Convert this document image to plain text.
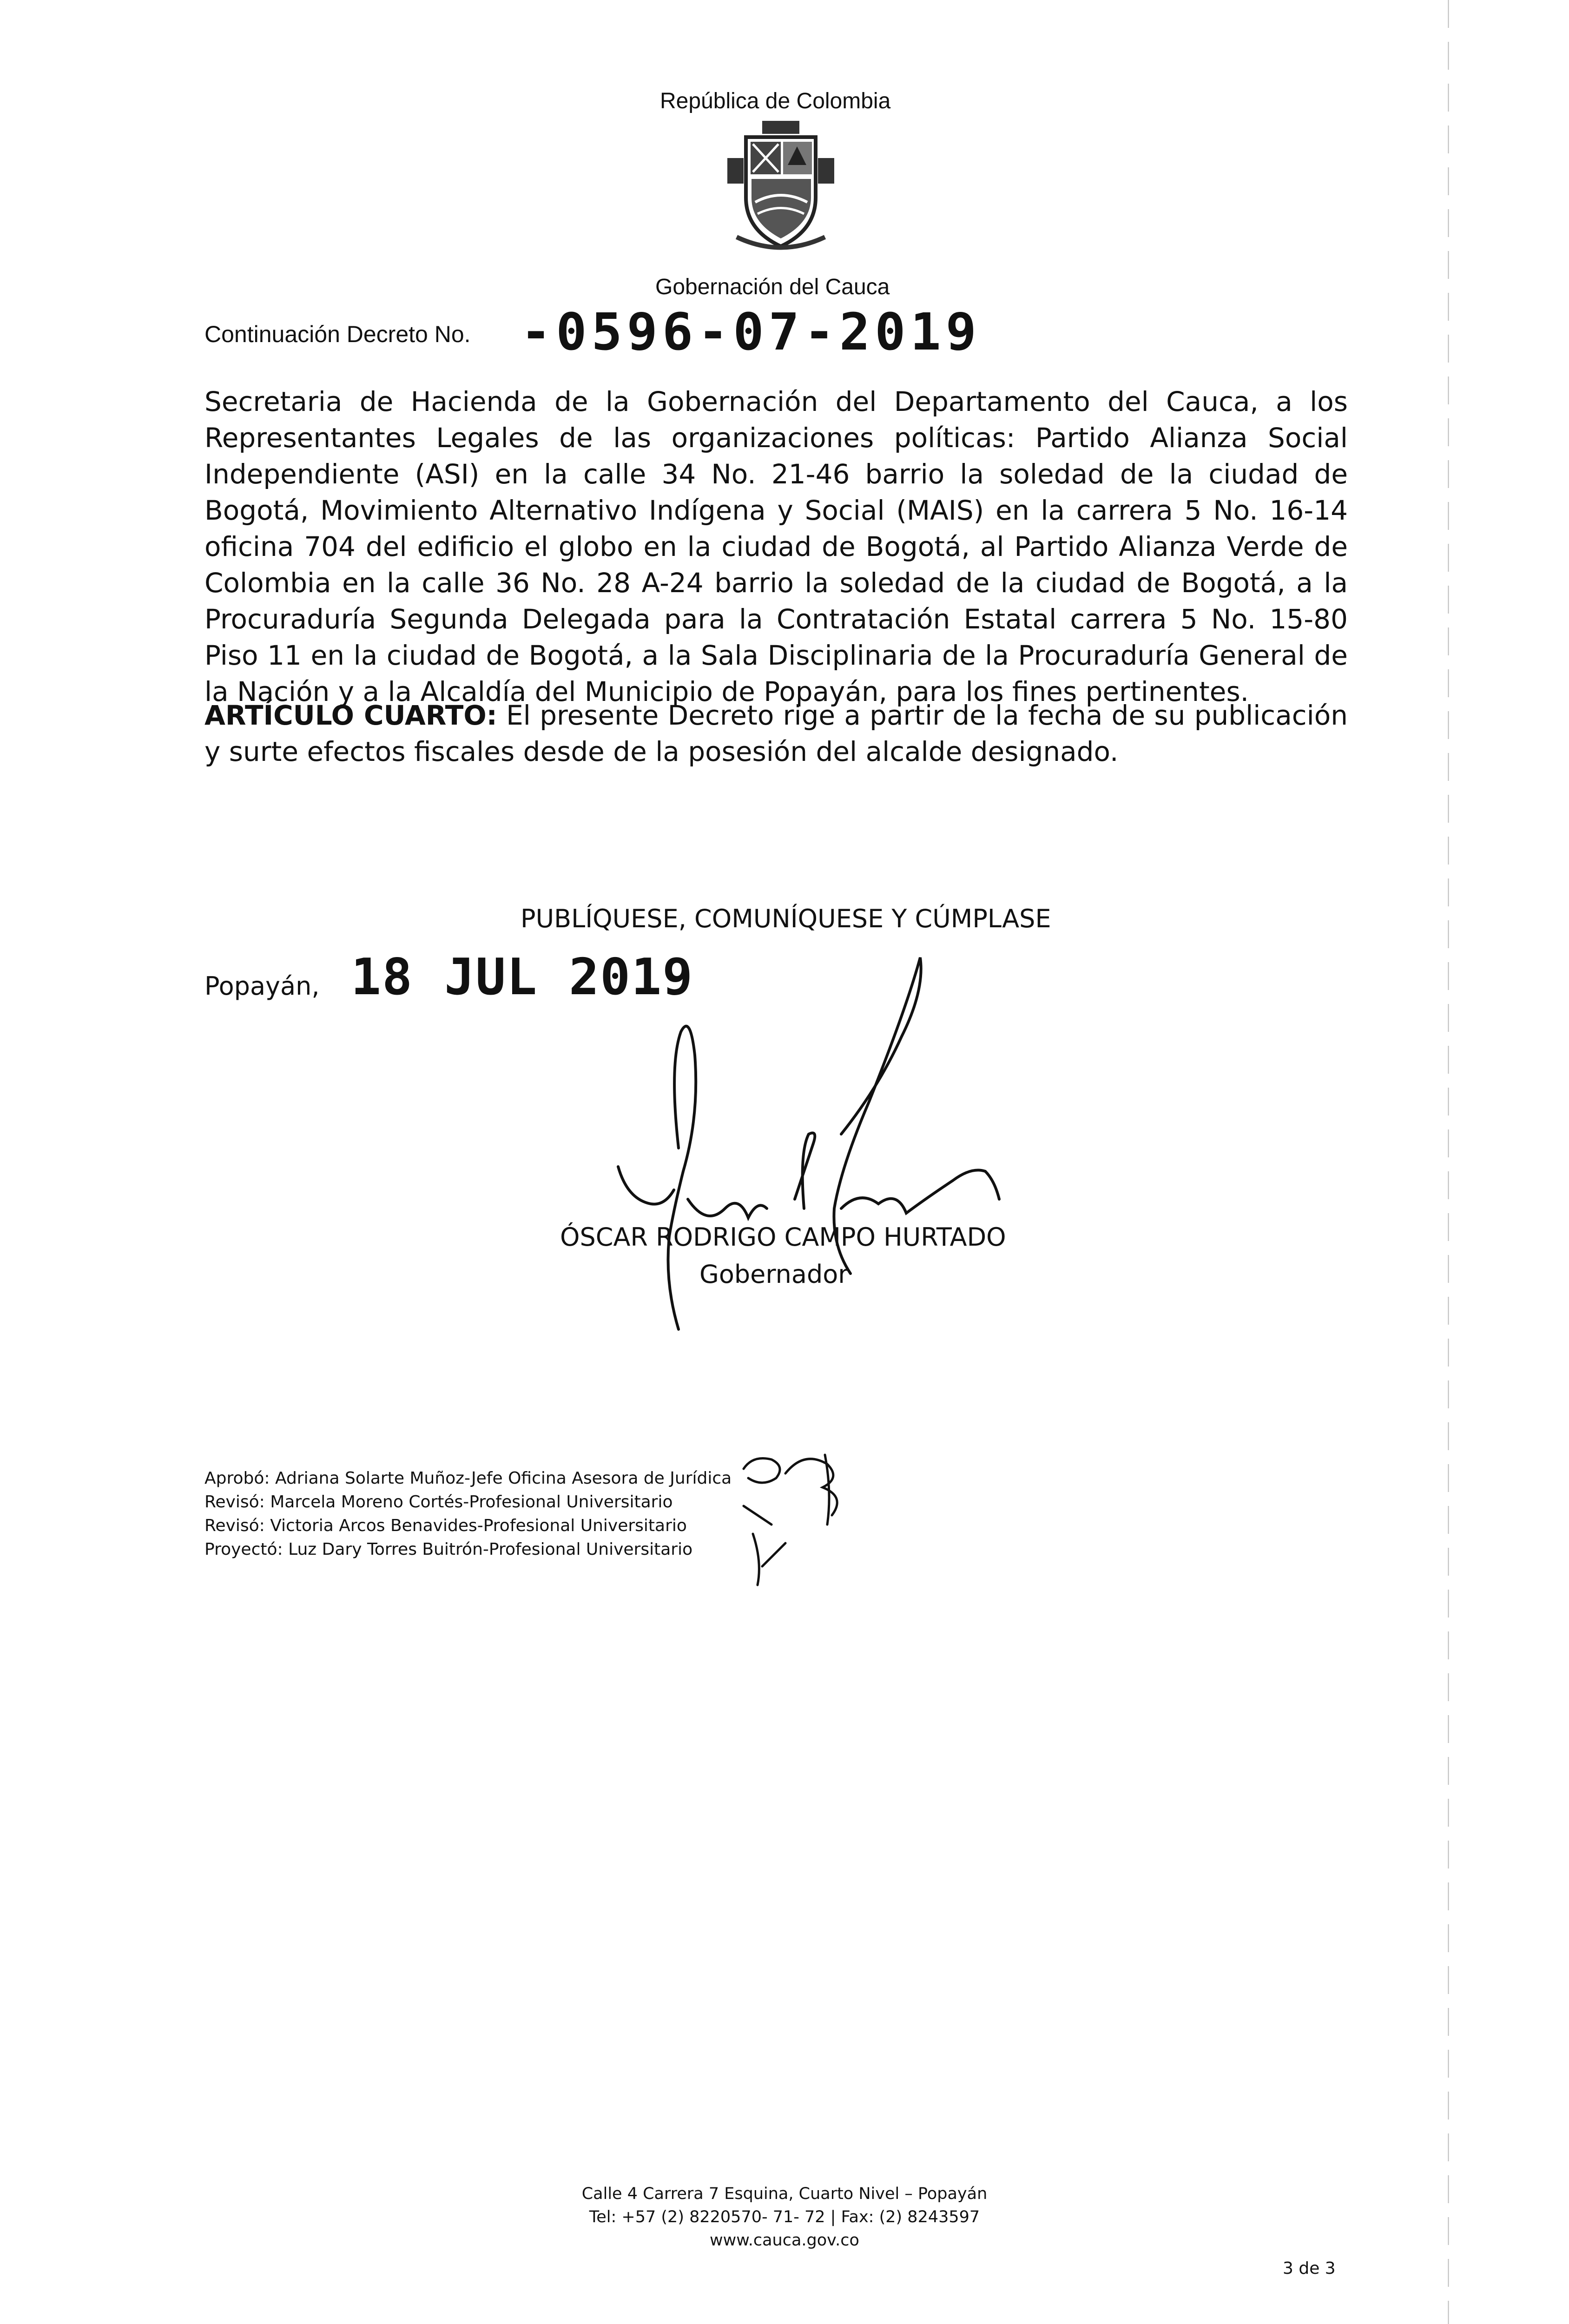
República de Colombia
Gobernación del Cauca
Continuación Decreto No. -0596-07-2019
Secretaria de Hacienda de la Gobernación del Departamento del Cauca, a los Representantes Legales de las organizaciones políticas: Partido Alianza Social Independiente (ASI) en la calle 34 No. 21-46 barrio la soledad de la ciudad de Bogotá, Movimiento Alternativo Indígena y Social (MAIS) en la carrera 5 No. 16-14 oficina 704 del edificio el globo en la ciudad de Bogotá, al Partido Alianza Verde de Colombia en la calle 36 No. 28 A-24 barrio la soledad de la ciudad de Bogotá, a la Procuraduría Segunda Delegada para la Contratación Estatal carrera 5 No. 15-80 Piso 11 en la ciudad de Bogotá, a la Sala Disciplinaria de la Procuraduría General de la Nación y a la Alcaldía del Municipio de Popayán, para los fines pertinentes.
ARTÍCULO CUARTO: El presente Decreto rige a partir de la fecha de su publicación y surte efectos fiscales desde de la posesión del alcalde designado.
PUBLÍQUESE, COMUNÍQUESE Y CÚMPLASE
Popayán, 18 JUL 2019
ÓSCAR RODRIGO CAMPO HURTADO
Gobernador
Aprobó: Adriana Solarte Muñoz-Jefe Oficina Asesora de Jurídica
Revisó: Marcela Moreno Cortés-Profesional Universitario
Revisó: Victoria Arcos Benavides-Profesional Universitario
Proyectó: Luz Dary Torres Buitrón-Profesional Universitario
Calle 4 Carrera 7 Esquina, Cuarto Nivel – Popayán
Tel: +57 (2) 8220570- 71- 72 | Fax: (2) 8243597
www.cauca.gov.co
3 de 3
